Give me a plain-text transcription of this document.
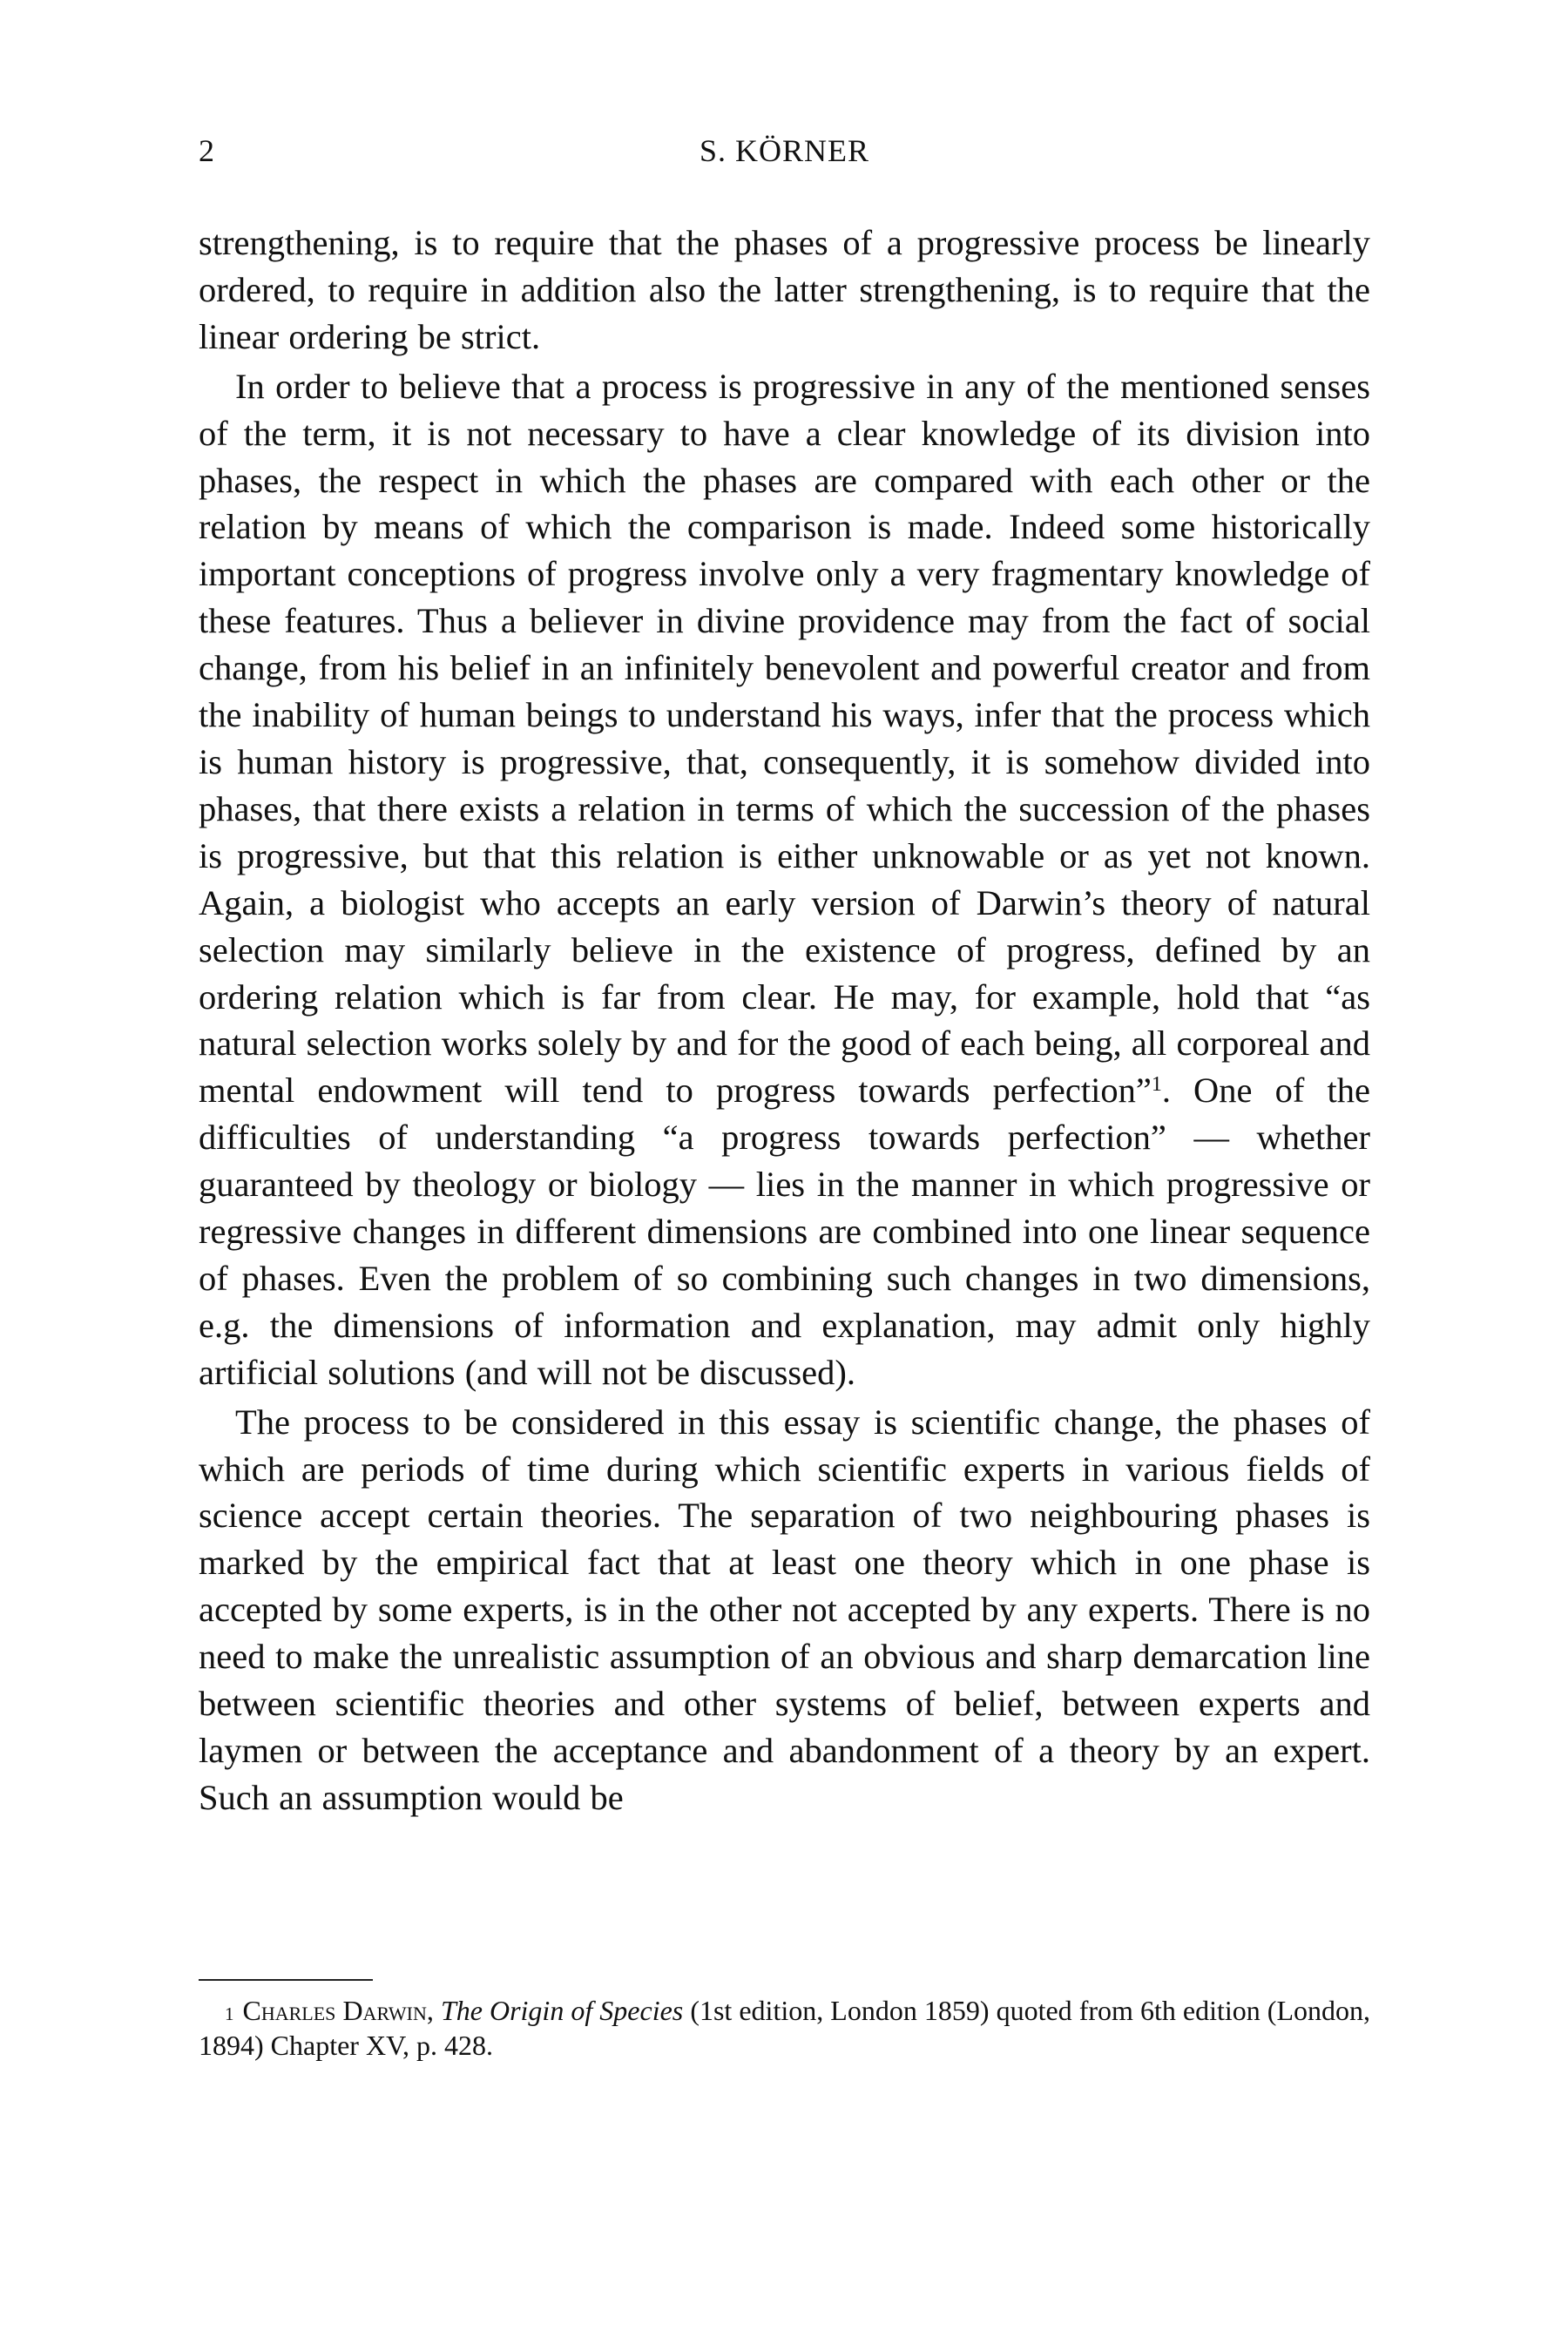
2	S. KÖRNER

strengthening, is to require that the phases of a progressive process be linearly ordered, to require in addition also the latter strengthening, is to require that the linear ordering be strict.

In order to believe that a process is progressive in any of the mentioned senses of the term, it is not necessary to have a clear knowledge of its division into phases, the respect in which the phases are compared with each other or the relation by means of which the comparison is made. Indeed some historically important conceptions of progress involve only a very fragmentary knowledge of these features. Thus a believer in divine providence may from the fact of social change, from his belief in an infinitely benevolent and powerful creator and from the inability of human beings to understand his ways, infer that the process which is human history is progressive, that, consequently, it is somehow divided into phases, that there exists a relation in terms of which the succession of the phases is progressive, but that this relation is either unknowable or as yet not known. Again, a biologist who accepts an early version of Darwin’s theory of natural selection may similarly believe in the existence of progress, defined by an ordering relation which is far from clear. He may, for example, hold that “as natural selection works solely by and for the good of each being, all corporeal and mental endowment will tend to progress towards perfection”$^1$. One of the difficulties of understanding “a progress towards perfection” — whether guaranteed by theology or biology — lies in the manner in which progressive or regressive changes in different dimensions are combined into one linear sequence of phases. Even the problem of so combining such changes in two dimensions, e.g. the dimensions of information and explanation, may admit only highly artificial solutions (and will not be discussed).

The process to be considered in this essay is scientific change, the phases of which are periods of time during which scientific experts in various fields of science accept certain theories. The separation of two neighbouring phases is marked by the empirical fact that at least one theory which in one phase is accepted by some experts, is in the other not accepted by any experts. There is no need to make the unrealistic assumption of an obvious and sharp demarcation line between scientific theories and other systems of belief, between experts and laymen or between the acceptance and abandonment of a theory by an expert. Such an assumption would be

$^1$ Charles Darwin, The Origin of Species (1st edition, London 1859) quoted from 6th edition (London, 1894) Chapter XV, p. 428.
